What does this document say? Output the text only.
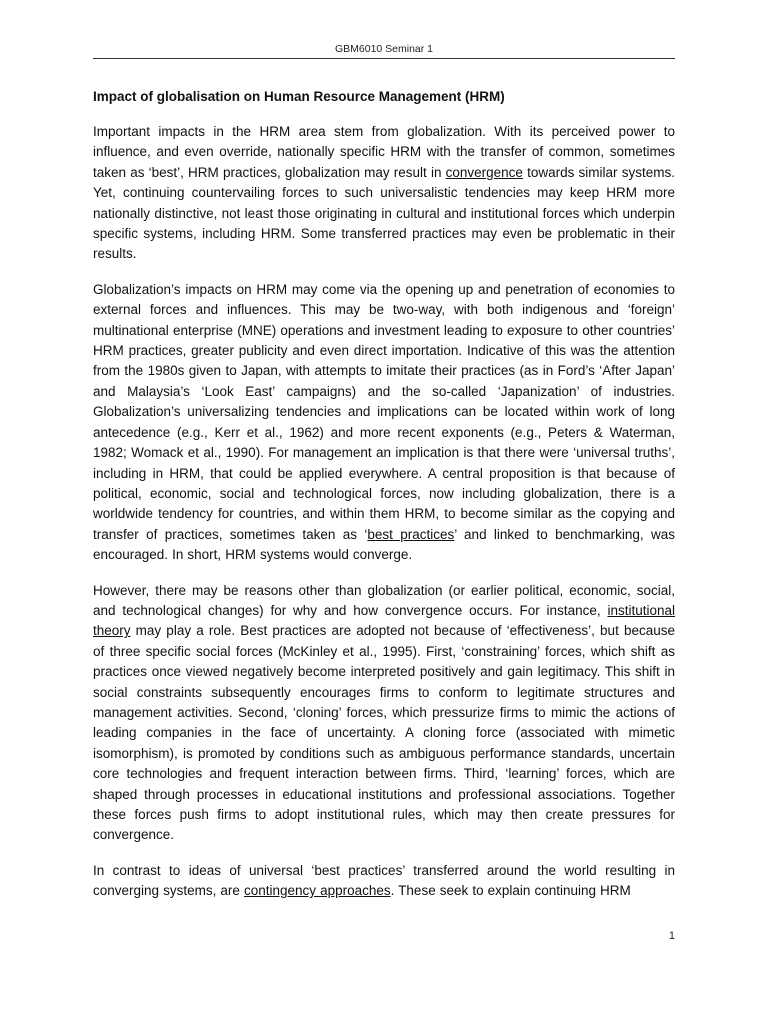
GBM6010 Seminar 1
Impact of globalisation on Human Resource Management (HRM)

Important impacts in the HRM area stem from globalization. With its perceived power to influence, and even override, nationally specific HRM with the transfer of common, sometimes taken as ‘best’, HRM practices, globalization may result in convergence towards similar systems. Yet, continuing countervailing forces to such universalistic tendencies may keep HRM more nationally distinctive, not least those originating in cultural and institutional forces which underpin specific systems, including HRM. Some transferred practices may even be problematic in their results.

Globalization’s impacts on HRM may come via the opening up and penetration of economies to external forces and influences. This may be two-way, with both indigenous and ‘foreign’ multinational enterprise (MNE) operations and investment leading to exposure to other countries’ HRM practices, greater publicity and even direct importation. Indicative of this was the attention from the 1980s given to Japan, with attempts to imitate their practices (as in Ford’s ‘After Japan’ and Malaysia’s ‘Look East’ campaigns) and the so-called ‘Japanization’ of industries. Globalization’s universalizing tendencies and implications can be located within work of long antecedence (e.g., Kerr et al., 1962) and more recent exponents (e.g., Peters & Waterman, 1982; Womack et al., 1990). For management an implication is that there were ‘universal truths’, including in HRM, that could be applied everywhere. A central proposition is that because of political, economic, social and technological forces, now including globalization, there is a worldwide tendency for countries, and within them HRM, to become similar as the copying and transfer of practices, sometimes taken as ‘best practices’ and linked to benchmarking, was encouraged. In short, HRM systems would converge.

However, there may be reasons other than globalization (or earlier political, economic, social, and technological changes) for why and how convergence occurs. For instance, institutional theory may play a role. Best practices are adopted not because of ‘effectiveness’, but because of three specific social forces (McKinley et al., 1995). First, ‘constraining’ forces, which shift as practices once viewed negatively become interpreted positively and gain legitimacy. This shift in social constraints subsequently encourages firms to conform to legitimate structures and management activities. Second, ‘cloning’ forces, which pressurize firms to mimic the actions of leading companies in the face of uncertainty. A cloning force (associated with mimetic isomorphism), is promoted by conditions such as ambiguous performance standards, uncertain core technologies and frequent interaction between firms. Third, ‘learning’ forces, which are shaped through processes in educational institutions and professional associations. Together these forces push firms to adopt institutional rules, which may then create pressures for convergence.

In contrast to ideas of universal ‘best practices’ transferred around the world resulting in converging systems, are contingency approaches. These seek to explain continuing HRM

1
